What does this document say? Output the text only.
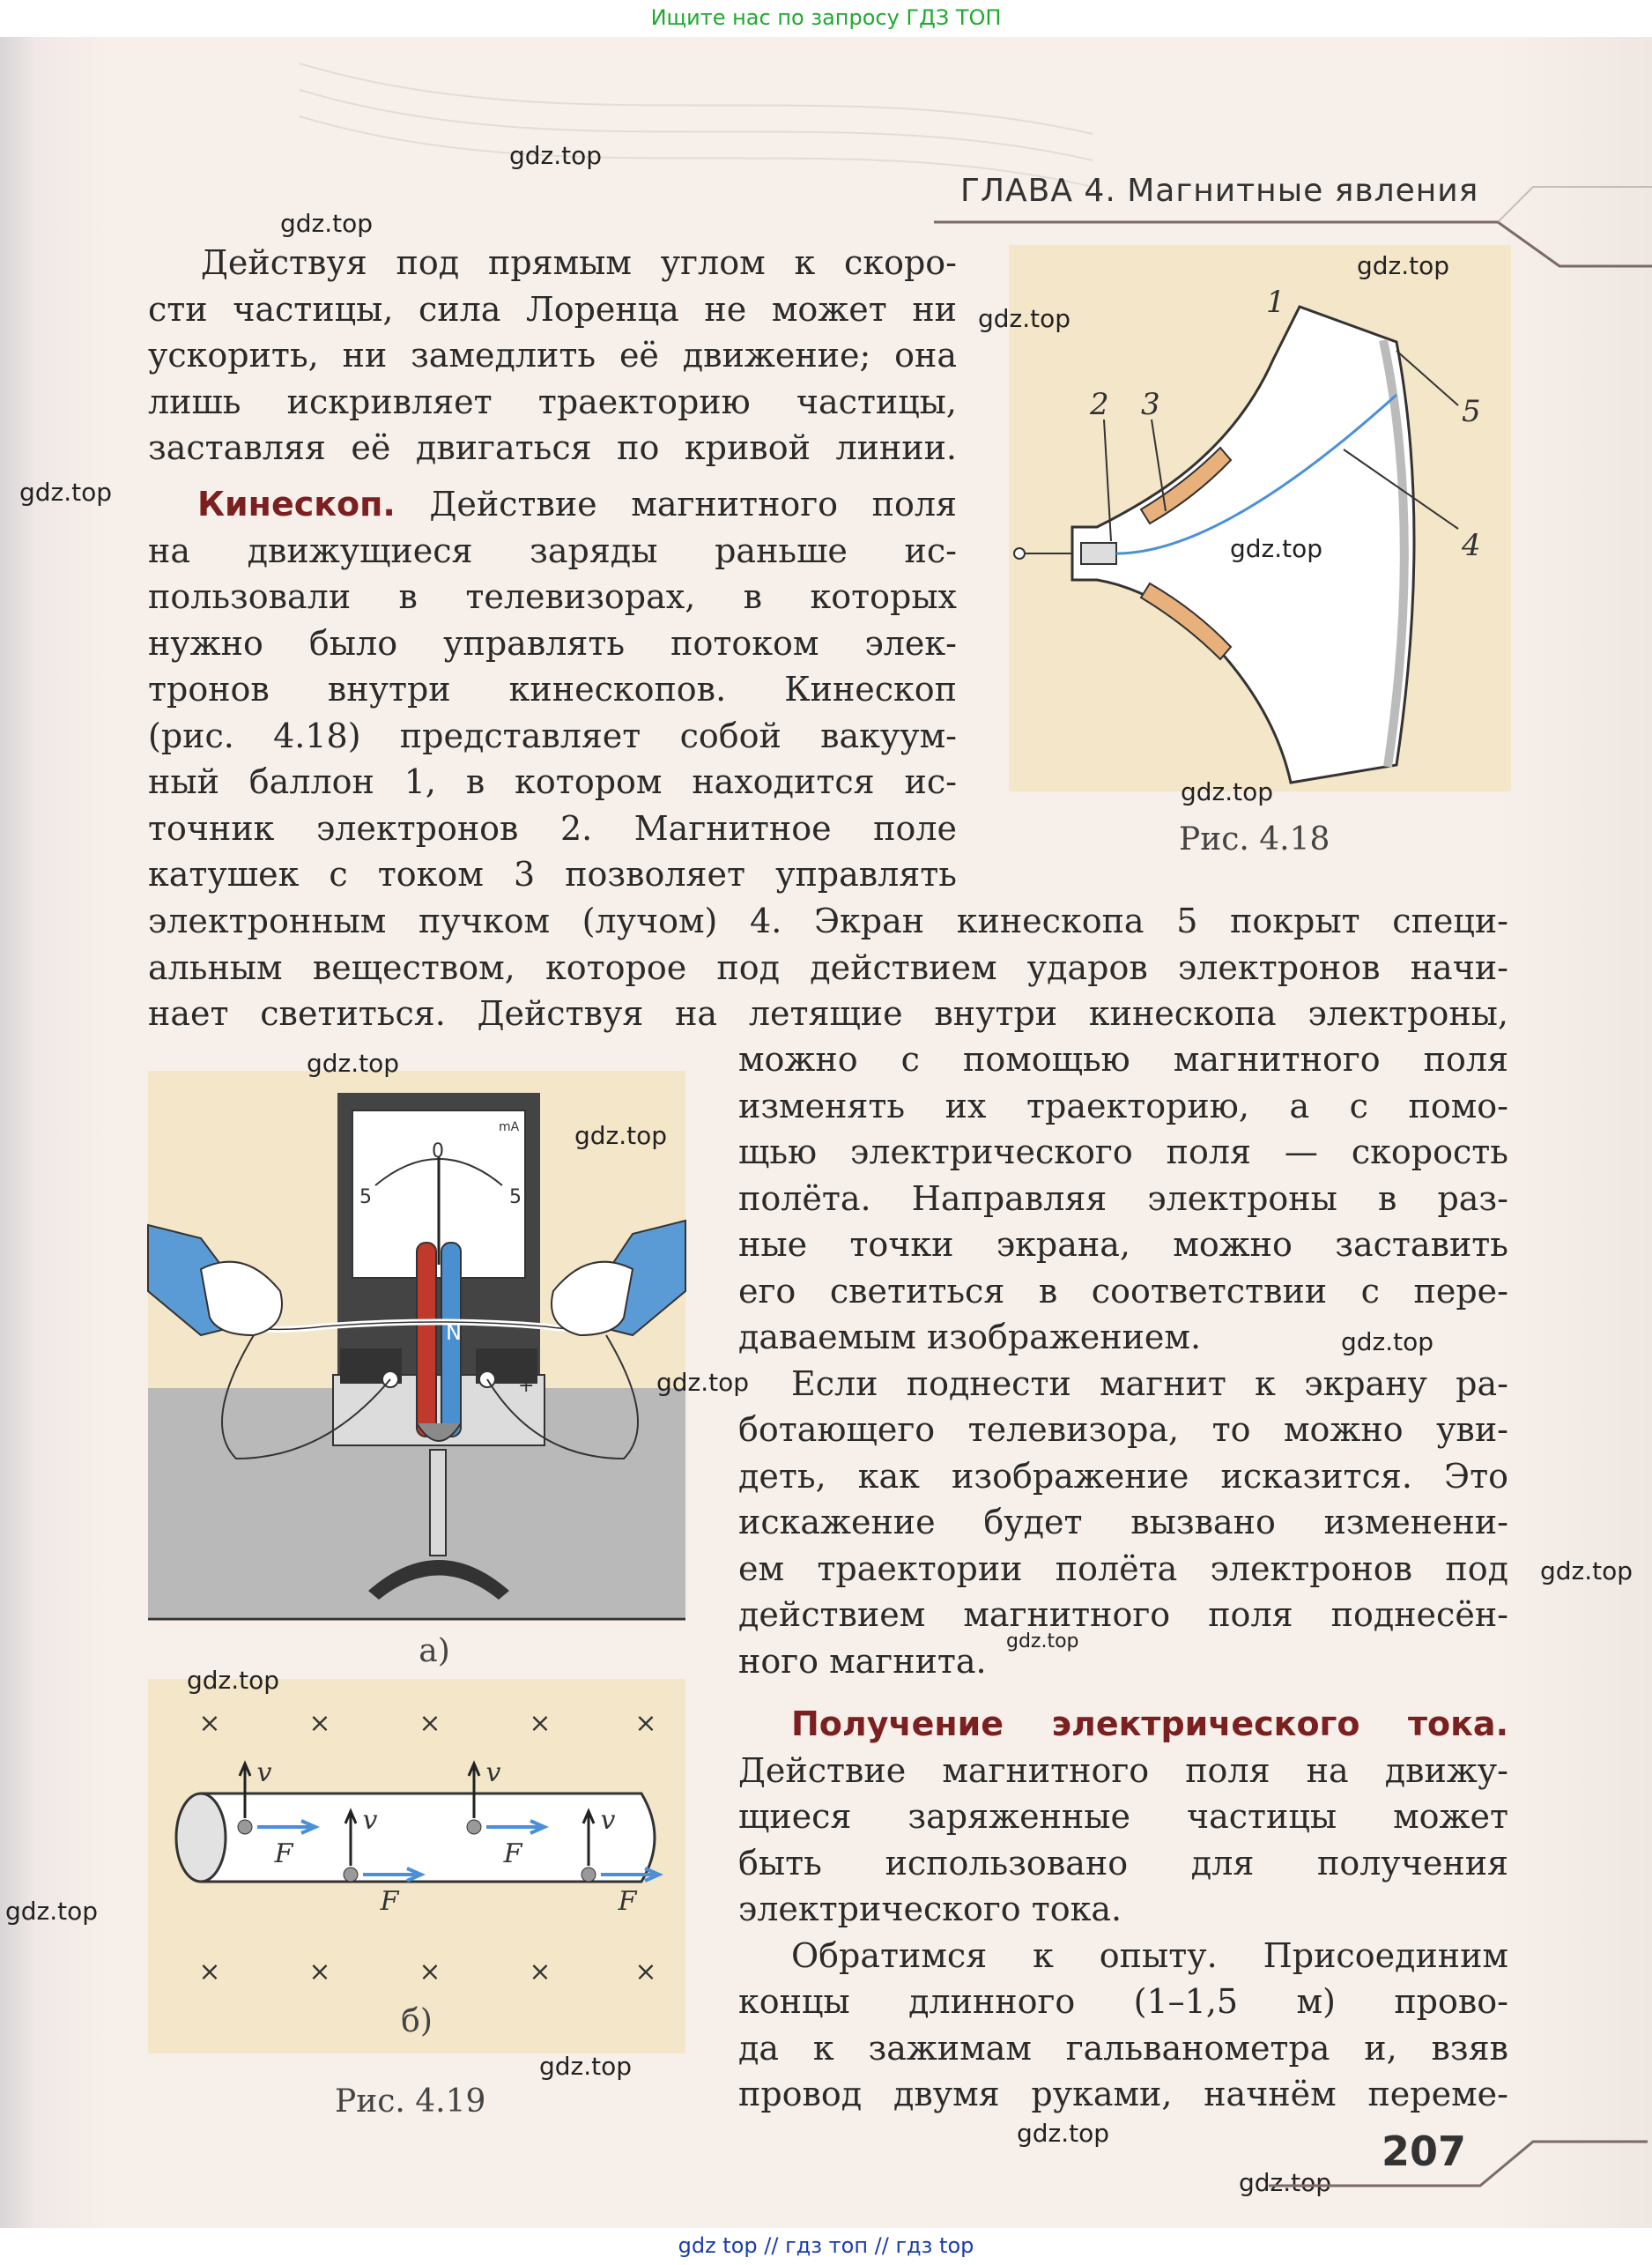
Ищите нас по запросу ГДЗ ТОП
ГЛАВА 4. Магнитные явления

Действуя под прямым углом к скоро-

сти частицы, сила Лоренца не может ни

ускорить, ни замедлить её движение; она

лишь искривляет траекторию частицы,

заставляя её двигаться по кривой линии.

Кинескоп. Действие магнитного поля

на движущиеся заряды раньше ис-

пользовали в телевизорах, в которых

нужно было управлять потоком элек-

тронов внутри кинескопов. Кинескоп

(рис. 4.18) представляет собой вакуум-

ный баллон 1, в котором находится ис-

точник электронов 2. Магнитное поле

катушек с током 3 позволяет управлять

электронным пучком (лучом) 4. Экран кинескопа 5 покрыт специ-

альным веществом, которое под действием ударов электронов начи-

нает светиться. Действуя на летящие внутри кинескопа электроны,

можно с помощью магнитного поля

изменять их траекторию, а с помо-

щью электрического поля — скорость

полёта. Направляя электроны в раз-

ные точки экрана, можно заставить

его светиться в соответствии с пере-

даваемым изображением.

Если поднести магнит к экрану ра-

ботающего телевизора, то можно уви-

деть, как изображение исказится. Это

искажение будет вызвано изменени-

ем траектории полёта электронов под

действием магнитного поля поднесён-

ного магнита.

Получение электрического тока.

Действие магнитного поля на движу-

щиеся заряженные частицы может

быть использовано для получения

электрического тока.

Обратимся к опыту. Присоединим

концы длинного (1–1,5 м) прово-

да к зажимам гальванометра и, взяв

провод двумя руками, начнём переме-

1
2 3
4
5
Рис. 4.18
0
5	5
mA
−	+
N
а)
×	×	×	×	×
×	×	×	×	×
v
F
v
F
v
F
v
F
б)
Рис. 4.19
gdz.top
gdz.top
gdz.top
gdz.top
gdz.top
gdz.top
gdz.top
gdz.top
gdz.top
gdz.top
gdz.top
gdz.top
gdz.top
gdz.top
gdz.top
gdz.top
gdz.top
gdz.top
207
gdz top // гдз топ // гдз top
